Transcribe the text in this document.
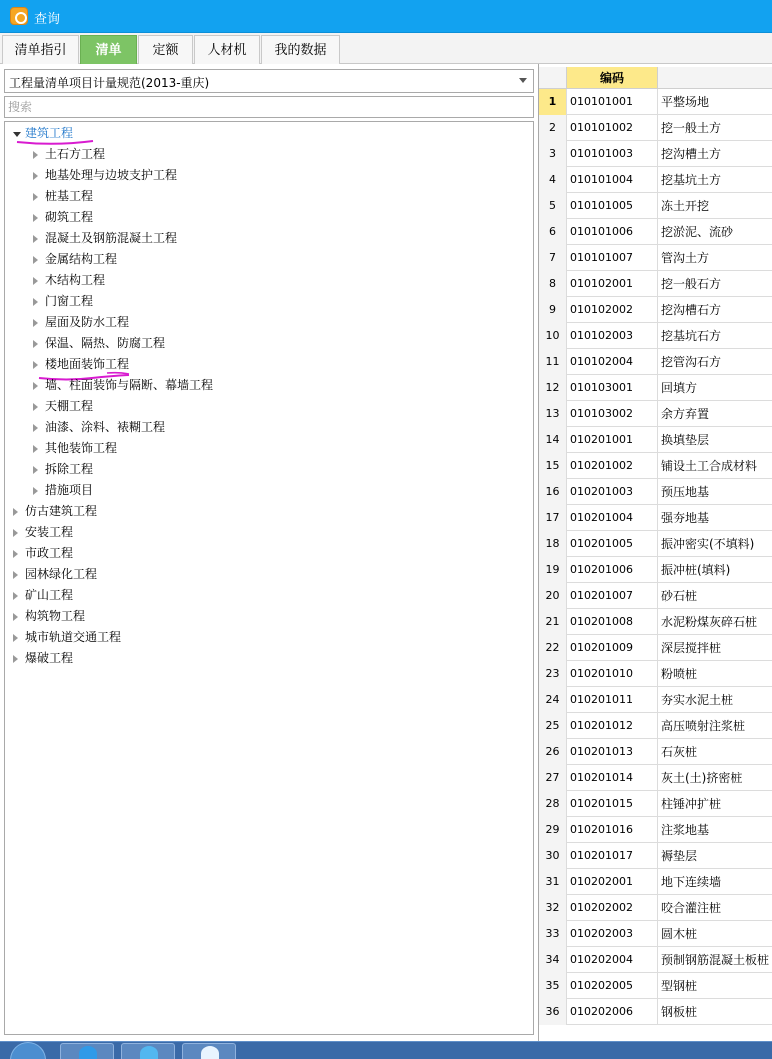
查询
清单指引	清单	定额	人材机	我的数据
工程量清单项目计量规范(2013-重庆)
搜索
建筑工程
土石方工程
地基处理与边坡支护工程
桩基工程
砌筑工程
混凝土及钢筋混凝土工程
金属结构工程
木结构工程
门窗工程
屋面及防水工程
保温、隔热、防腐工程
楼地面装饰工程
墙、柱面装饰与隔断、幕墙工程
天棚工程
油漆、涂料、裱糊工程
其他装饰工程
拆除工程
措施项目
仿古建筑工程
安装工程
市政工程
园林绿化工程
矿山工程
构筑物工程
城市轨道交通工程
爆破工程
编码
1	010101001	平整场地
2	010101002	挖一般土方
3	010101003	挖沟槽土方
4	010101004	挖基坑土方
5	010101005	冻土开挖
6	010101006	挖淤泥、流砂
7	010101007	管沟土方
8	010102001	挖一般石方
9	010102002	挖沟槽石方
10 010102003	挖基坑石方
11 010102004	挖管沟石方
12 010103001	回填方
13 010103002	余方弃置
14 010201001	换填垫层
15 010201002	铺设土工合成材料
16 010201003	预压地基
17 010201004	强夯地基
18 010201005	振冲密实(不填料)
19 010201006	振冲桩(填料)
20 010201007	砂石桩
21 010201008	水泥粉煤灰碎石桩
22 010201009	深层搅拌桩
23 010201010	粉喷桩
24 010201011	夯实水泥土桩
25 010201012	高压喷射注浆桩
26 010201013	石灰桩
27 010201014	灰土(土)挤密桩
28 010201015	柱锤冲扩桩
29 010201016	注浆地基
30 010201017	褥垫层
31 010202001	地下连续墙
32 010202002	咬合灌注桩
33 010202003	圆木桩
34 010202004	预制钢筋混凝土板桩
35 010202005	型钢桩
36 010202006	钢板桩
